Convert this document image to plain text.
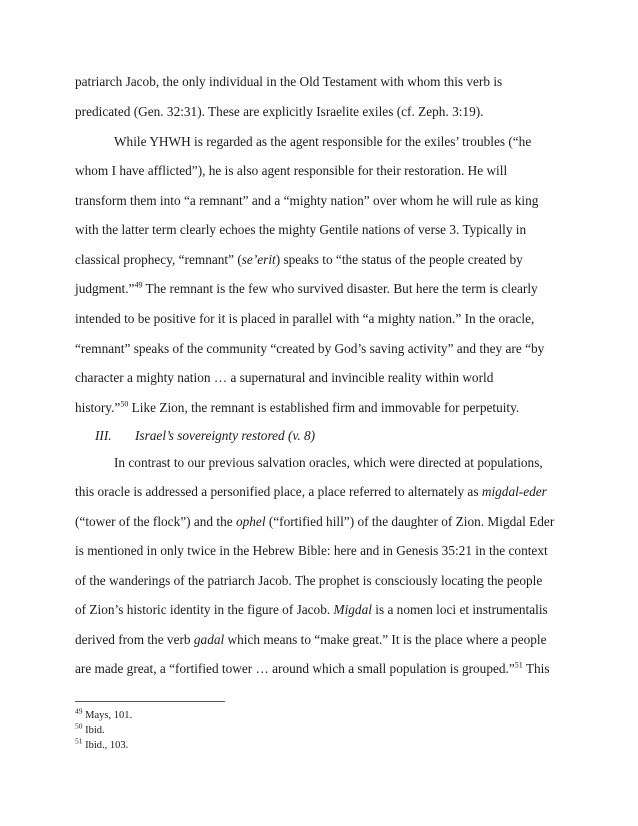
patriarch Jacob, the only individual in the Old Testament with whom this verb is
predicated (Gen. 32:31). These are explicitly Israelite exiles (cf. Zeph. 3:19).
While YHWH is regarded as the agent responsible for the exiles’ troubles (“he
whom I have afflicted”), he is also agent responsible for their restoration. He will
transform them into “a remnant” and a “mighty nation” over whom he will rule as king
with the latter term clearly echoes the mighty Gentile nations of verse 3. Typically in
classical prophecy, “remnant” (se’erit) speaks to “the status of the people created by
judgment.”$^{49}$ The remnant is the few who survived disaster. But here the term is clearly
intended to be positive for it is placed in parallel with “a mighty nation.” In the oracle,
“remnant” speaks of the community “created by God’s saving activity” and they are “by
character a mighty nation … a supernatural and invincible reality within world
history.”$^{50}$ Like Zion, the remnant is established firm and immovable for perpetuity.
III. Israel’s sovereignty restored (v. 8)
In contrast to our previous salvation oracles, which were directed at populations,
this oracle is addressed a personified place, a place referred to alternately as migdal-eder
(“tower of the flock”) and the ophel (“fortified hill”) of the daughter of Zion. Migdal Eder
is mentioned in only twice in the Hebrew Bible: here and in Genesis 35:21 in the context
of the wanderings of the patriarch Jacob. The prophet is consciously locating the people
of Zion’s historic identity in the figure of Jacob. Migdal is a nomen loci et instrumentalis
derived from the verb gadal which means to “make great.” It is the place where a people
are made great, a “fortified tower … around which a small population is grouped.”$^{51}$ This
$^{49}$ Mays, 101.
$^{50}$ Ibid.
$^{51}$ Ibid., 103.
